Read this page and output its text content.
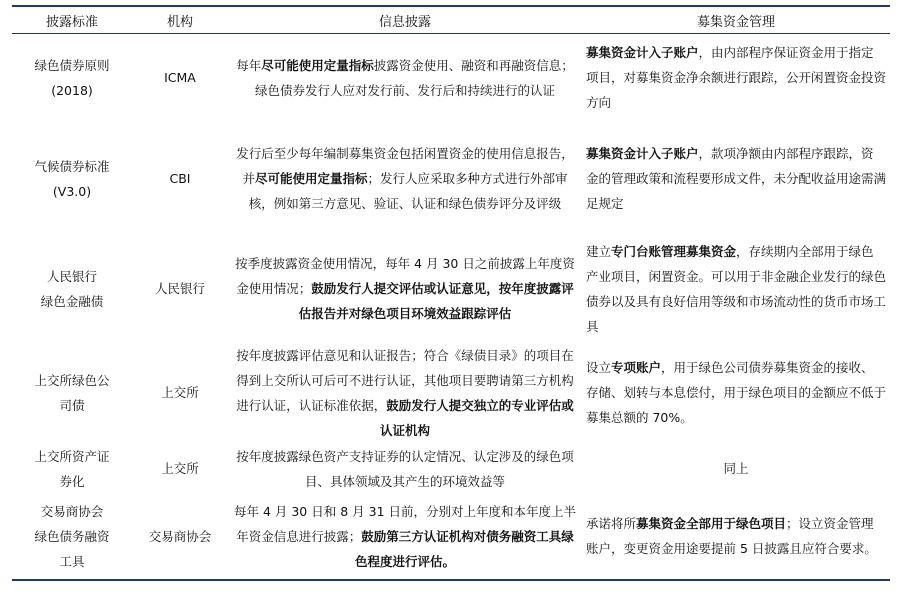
披露标准	机构	信息披露	募集资金管理

绿色债券原则
(2018)	ICMA	每年尽可能使用定量指标披露资金使用、融资和再融资信息；绿色债券发行人应对发行前、发行后和持续进行的认证	募集资金计入子账户，由内部程序保证资金用于指定项目，对募集资金净余额进行跟踪，公开闲置资金投资方向

气候债券标准
(V3.0)	CBI	发行后至少每年编制募集资金包括闲置资金的使用信息报告，并尽可能使用定量指标；发行人应采取多种方式进行外部审核，例如第三方意见、验证、认证和绿色债券评分及评级	募集资金计入子账户，款项净额由内部程序跟踪，资金的管理政策和流程要形成文件，未分配收益用途需满足规定

人民银行
绿色金融债	人民银行	按季度披露资金使用情况，每年 4 月 30 日之前披露上年度资金使用情况；鼓励发行人提交评估或认证意见，按年度披露评估报告并对绿色项目环境效益跟踪评估	建立专门台账管理募集资金，存续期内全部用于绿色产业项目，闲置资金。可以用于非金融企业发行的绿色债券以及具有良好信用等级和市场流动性的货币市场工具

上交所绿色公
司债	上交所	按年度披露评估意见和认证报告；符合《绿债目录》的项目在得到上交所认可后可不进行认证，其他项目要聘请第三方机构进行认证，认证标准依据，鼓励发行人提交独立的专业评估或认证机构	设立专项账户，用于绿色公司债券募集资金的接收、存储、划转与本息偿付，用于绿色项目的金额应不低于募集总额的 70%。

上交所资产证
券化	上交所	按年度披露绿色资产支持证券的认定情况、认定涉及的绿色项目、具体领域及其产生的环境效益等	同上

交易商协会
绿色债务融资
工具	交易商协会	每年 4 月 30 日和 8 月 31 日前，分别对上年度和本年度上半年资金信息进行披露；鼓励第三方认证机构对债务融资工具绿色程度进行评估。	承诺将所募集资金全部用于绿色项目；设立资金管理账户，变更资金用途要提前 5 日披露且应符合要求。
